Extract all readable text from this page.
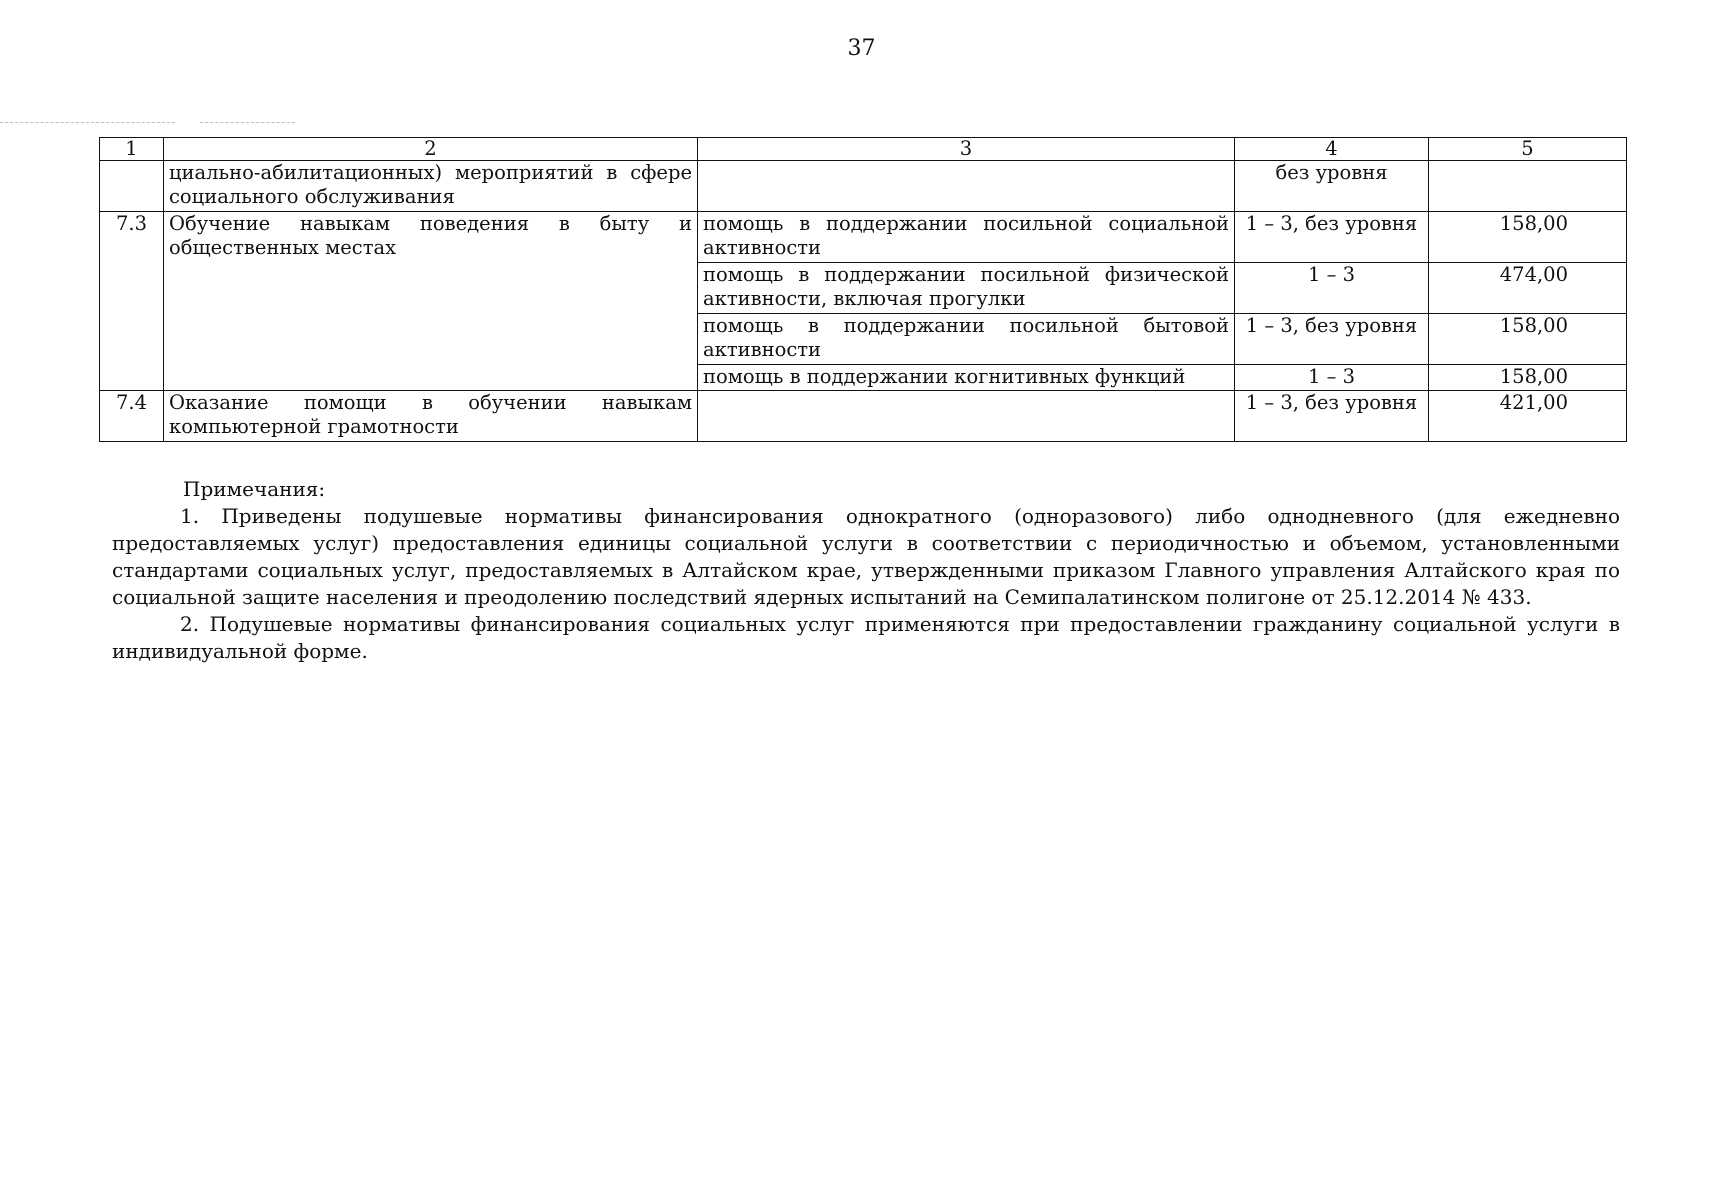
37
1	2	3	4	5
	циально-абилитационных) мероприятий в сфере социального обслуживания		без уровня	
7.3	Обучение навыкам поведения в быту и общественных местах	помощь в поддержании посильной социальной активности	1 – 3, без уровня	158,00
		помощь в поддержании посильной физической активности, включая прогулки	1 – 3	474,00
		помощь в поддержании посильной бытовой активности	1 – 3, без уровня	158,00
		помощь в поддержании когнитивных функций	1 – 3	158,00
7.4	Оказание помощи в обучении навыкам компьютерной грамотности		1 – 3, без уровня	421,00

Примечания:

1. Приведены подушевые нормативы финансирования однократного (одноразового) либо однодневного (для ежедневно предоставляемых услуг) предоставления единицы социальной услуги в соответствии с периодичностью и объемом, установленными стандартами социальных услуг, предоставляемых в Алтайском крае, утвержденными приказом Главного управления Алтайского края по социальной защите населения и преодолению последствий ядерных испытаний на Семипалатинском полигоне от 25.12.2014 № 433.

2. Подушевые нормативы финансирования социальных услуг применяются при предоставлении гражданину социальной услуги в индивидуальной форме.
